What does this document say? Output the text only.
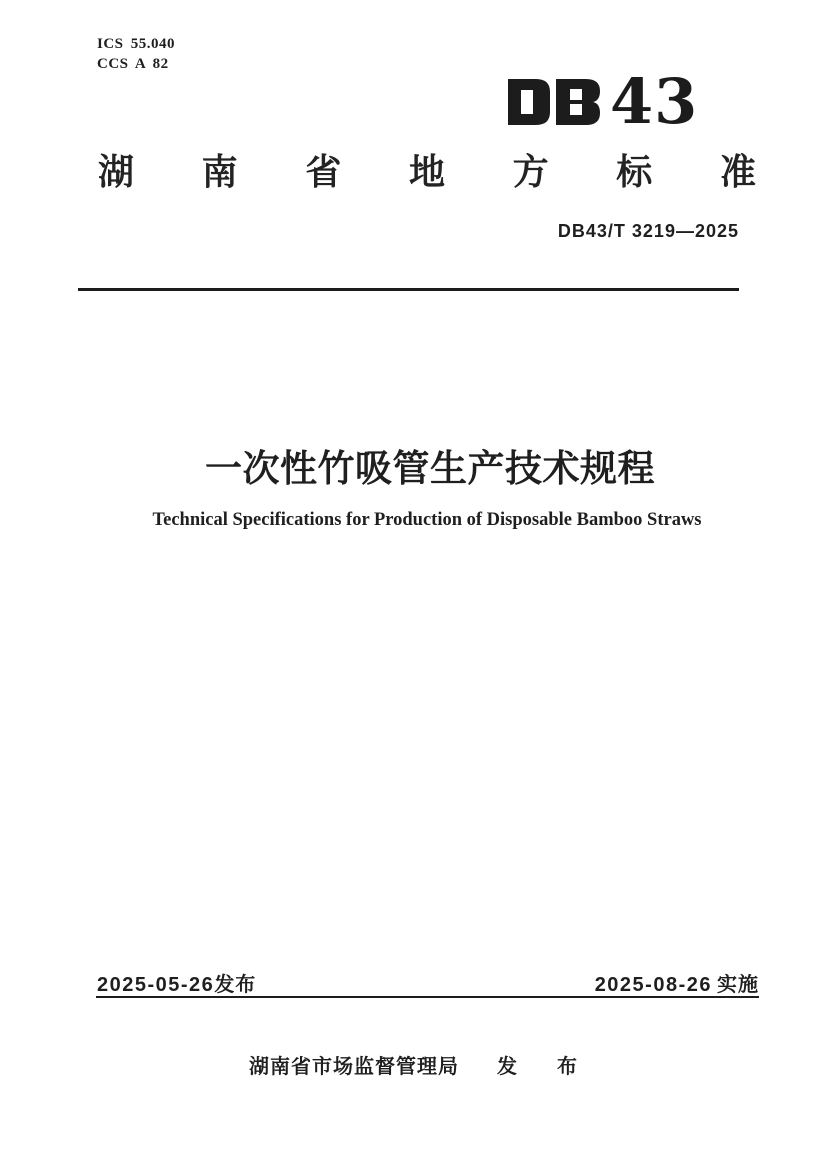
ICS 55.040
CCS A 82
43
湖 南 省 地 方 标 准
DB43/T 3219—2025
一次性竹吸管生产技术规程
Technical Specifications for Production of Disposable Bamboo Straws
2025-05-26发布	2025-08-26 实施
湖南省市场监督管理局 发　布
